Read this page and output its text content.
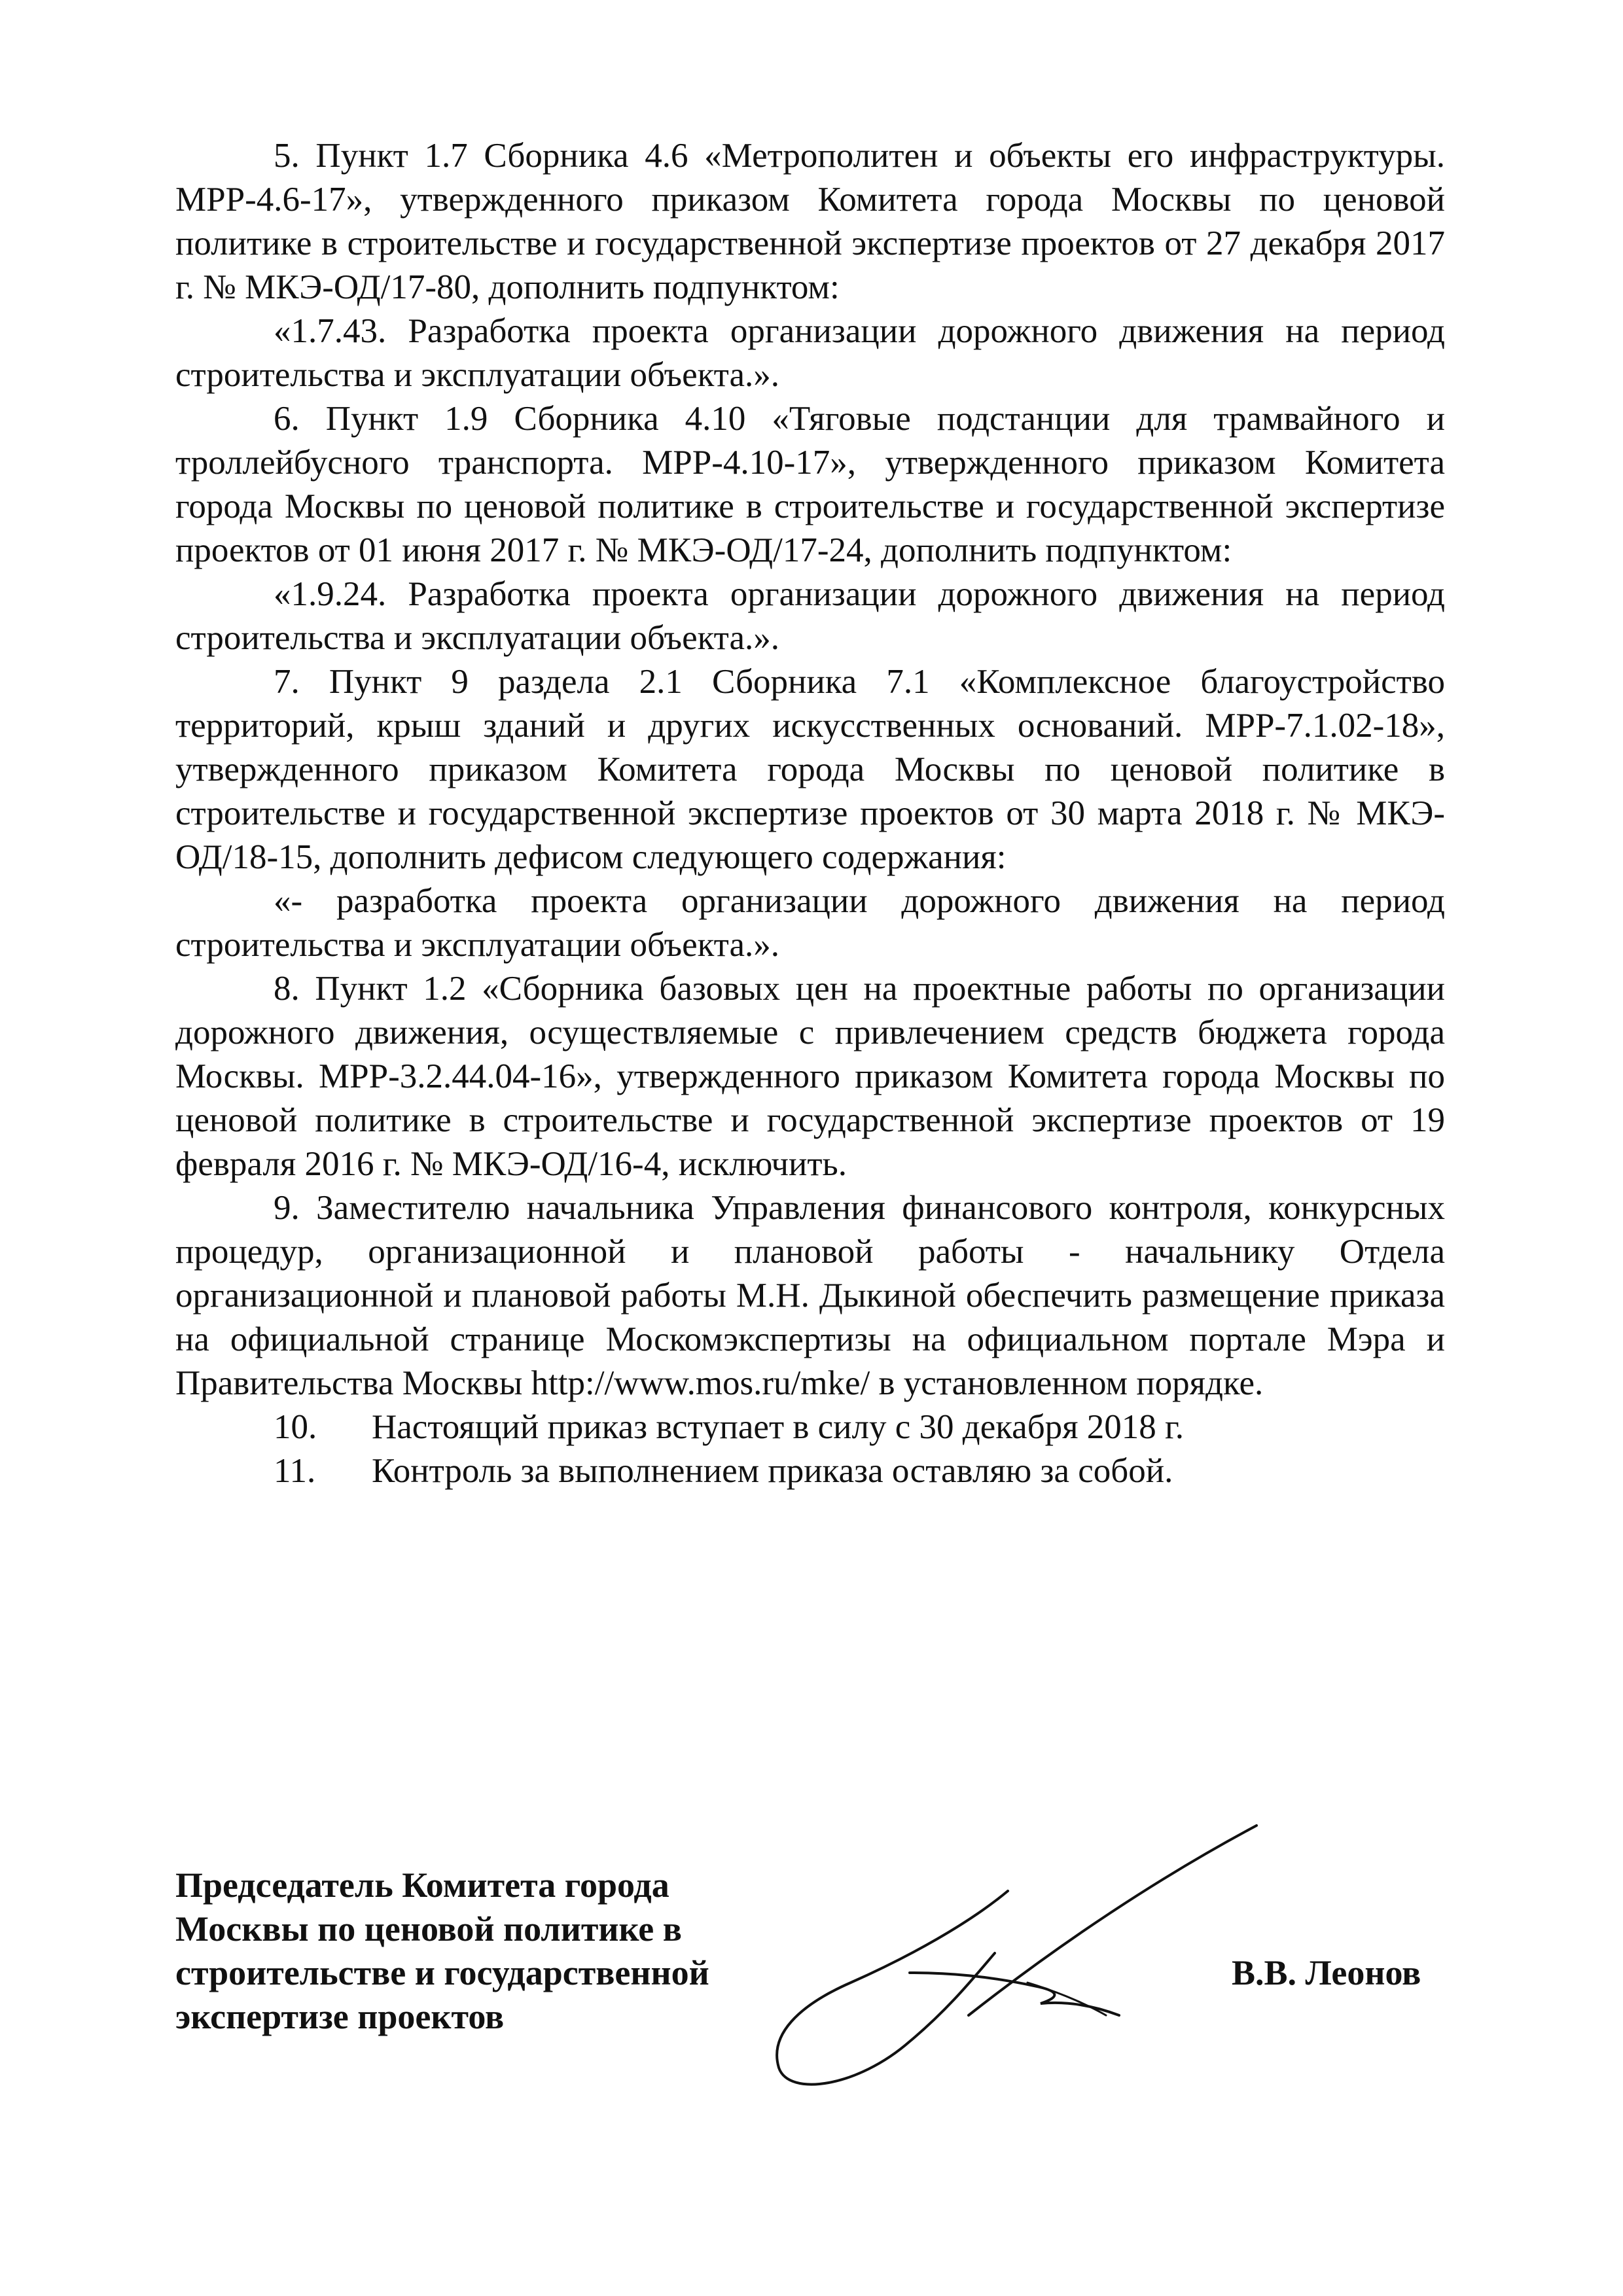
5. Пункт 1.7 Сборника 4.6 «Метрополитен и объекты его инфраструктуры. МРР-4.6-17», утвержденного приказом Комитета города Москвы по ценовой политике в строительстве и государственной экспертизе проектов от 27 декабря 2017 г. № МКЭ-ОД/17-80, дополнить подпунктом:

«1.7.43. Разработка проекта организации дорожного движения на период строительства и эксплуатации объекта.».

6. Пункт 1.9 Сборника 4.10 «Тяговые подстанции для трамвайного и троллейбусного транспорта. МРР-4.10-17», утвержденного приказом Комитета города Москвы по ценовой политике в строительстве и государственной экспертизе проектов от 01 июня 2017 г. № МКЭ-ОД/17-24, дополнить подпунктом:

«1.9.24. Разработка проекта организации дорожного движения на период строительства и эксплуатации объекта.».

7. Пункт 9 раздела 2.1 Сборника 7.1 «Комплексное благоустройство территорий, крыш зданий и других искусственных оснований. МРР-7.1.02-18», утвержденного приказом Комитета города Москвы по ценовой политике в строительстве и государственной экспертизе проектов от 30 марта 2018 г. № МКЭ-ОД/18-15, дополнить дефисом следующего содержания:

«- разработка проекта организации дорожного движения на период строительства и эксплуатации объекта.».

8. Пункт 1.2 «Сборника базовых цен на проектные работы по организации дорожного движения, осуществляемые с привлечением средств бюджета города Москвы. МРР-3.2.44.04-16», утвержденного приказом Комитета города Москвы по ценовой политике в строительстве и государственной экспертизе проектов от 19 февраля 2016 г. № МКЭ-ОД/16-4, исключить.

9. Заместителю начальника Управления финансового контроля, конкурсных процедур, организационной и плановой работы - начальнику Отдела организационной и плановой работы М.Н. Дыкиной обеспечить размещение приказа на официальной странице Москомэкспертизы на официальном портале Мэра и Правительства Москвы http://www.mos.ru/mke/ в установленном порядке.

10. Настоящий приказ вступает в силу с 30 декабря 2018 г.
11. Контроль за выполнением приказа оставляю за собой.
Председатель Комитета города
Москвы по ценовой политике в
строительстве и государственной
экспертизе проектов
В.В. Леонов
